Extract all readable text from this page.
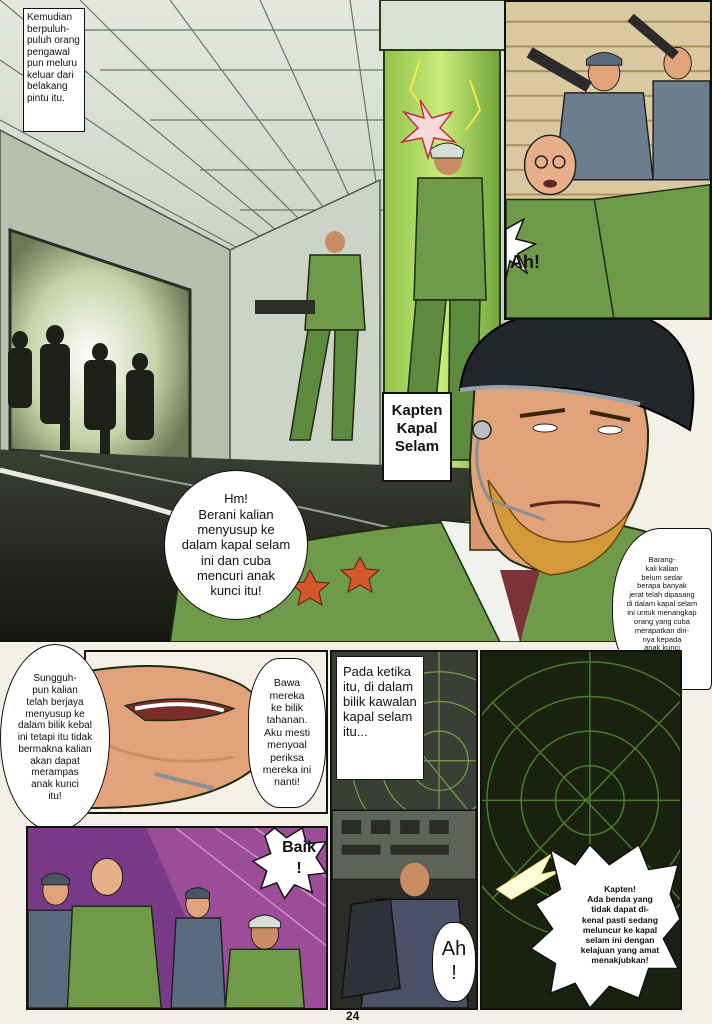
Kemudian
berpuluh-
puluh orang
pengawal
pun meluru
keluar dari
belakang
pintu itu.
Ah!
Kapten
Kapal
Selam
Hm!
Berani kalian
menyusup ke
dalam kapal selam
ini dan cuba
mencuri anak
kunci itu!
Barang-
kali kalian
belum sedar
berapa banyak
jerat telah dipasang
di dalam kapal selam
ini untuk menangkap
orang yang cuba
merapatkan diri-
nya kepada
anak kunci

Sungguh-
pun kalian
telah berjaya
menyusup ke
dalam bilik kebal
ini tetapi itu tidak
bermakna kalian
akan dapat
merampas
anak kunci
itu!
Bawa
mereka
ke bilik
tahanan.
Aku mesti
menyoal
periksa
mereka ini
nanti!
Pada ketika
itu, di dalam
bilik kawalan
kapal selam
itu...
Ah
!
Kapten!
Ada benda yang
tidak dapat di-
kenal pasti sedang
meluncur ke kapal
selam ini dengan
kelajuan yang amat
menakjubkan!
Baik
!
24
